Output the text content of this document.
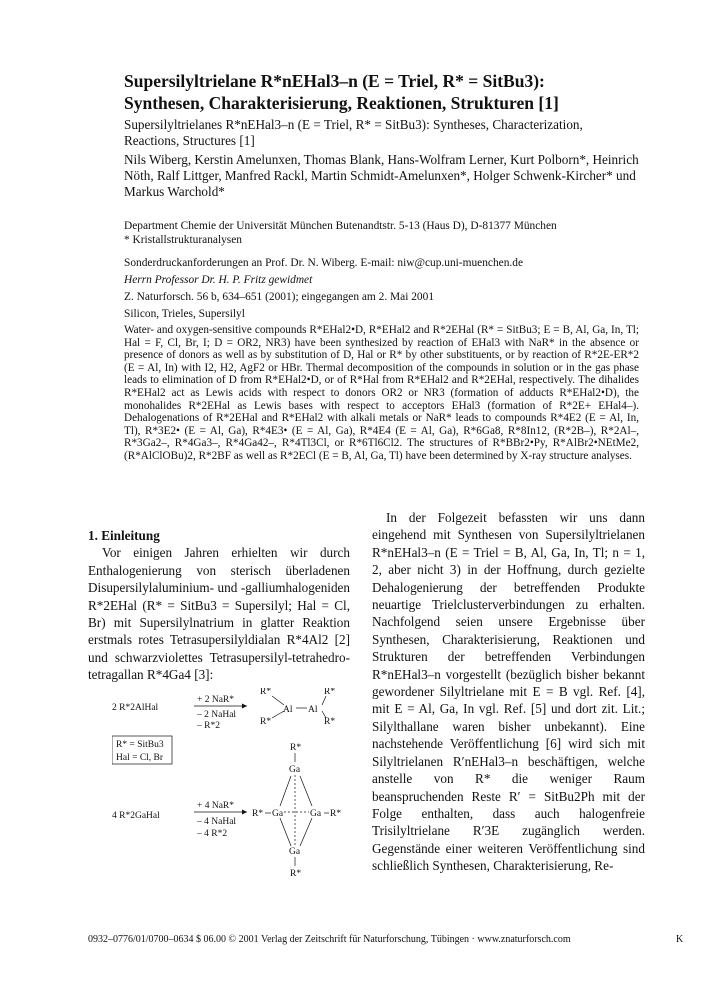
Supersilyltrielane R*nEHal3–n (E = Triel, R* = SitBu3): Synthesen, Charakterisierung, Reaktionen, Strukturen [1]
Supersilyltrielanes R*nEHal3–n (E = Triel, R* = SitBu3): Syntheses, Characterization, Reactions, Structures [1]
Nils Wiberg, Kerstin Amelunxen, Thomas Blank, Hans-Wolfram Lerner, Kurt Polborn*, Heinrich Nöth, Ralf Littger, Manfred Rackl, Martin Schmidt-Amelunxen*, Holger Schwenk-Kircher* und Markus Warchold*
Department Chemie der Universität München Butenandtstr. 5-13 (Haus D), D-81377 München
* Kristallstrukturanalysen
Sonderdruckanforderungen an Prof. Dr. N. Wiberg. E-mail: niw@cup.uni-muenchen.de
Herrn Professor Dr. H. P. Fritz gewidmet
Z. Naturforsch. 56 b, 634–651 (2001); eingegangen am 2. Mai 2001
Silicon, Trieles, Supersilyl
Water- and oxygen-sensitive compounds R*EHal2•D, R*EHal2 and R*2EHal (R* = SitBu3; E = B, Al, Ga, In, Tl; Hal = F, Cl, Br, I; D = OR2, NR3) have been synthesized by reaction of EHal3 with NaR* in the absence or presence of donors as well as by substitution of D, Hal or R* by other substituents, or by reaction of R*2E-ER*2 (E = Al, In) with I2, H2, AgF2 or HBr. Thermal decomposition of the compounds in solution or in the gas phase leads to elimination of D from R*EHal2•D, or of R*Hal from R*EHal2 and R*2EHal, respectively. The dihalides R*EHal2 act as Lewis acids with respect to donors OR2 or NR3 (formation of adducts R*EHal2•D), the monohalides R*2EHal as Lewis bases with respect to acceptors EHal3 (formation of R*2E+ EHal4–). Dehalogenations of R*2EHal and R*EHal2 with alkali metals or NaR* leads to compounds R*4E2 (E = Al, In, Tl), R*3E2• (E = Al, Ga), R*4E3• (E = Al, Ga), R*4E4 (E = Al, Ga), R*6Ga8, R*8In12, (R*2B–), R*2Al–, R*3Ga2–, R*4Ga3–, R*4Ga42–, R*4Tl3Cl, or R*6Tl6Cl2. The structures of R*BBr2•Py, R*AlBr2•NEtMe2, (R*AlClOBu)2, R*2BF as well as R*2ECl (E = B, Al, Ga, Tl) have been determined by X-ray structure analyses.
1. Einleitung
Vor einigen Jahren erhielten wir durch Enthalogenierung von sterisch überladenen Disupersilylaluminium- und -galliumhalogeniden R*2EHal (R* = SitBu3 = Supersilyl; Hal = Cl, Br) mit Supersilylnatrium in glatter Reaktion erstmals rotes Tetrasupersilyldialan R*4Al2 [2] und schwarzviolettes Tetrasupersilyl-tetrahedro-tetragallan R*4Ga4 [3]:
2 R*2AlHal
+ 2 NaR*
– 2 NaHal
– R*2
R*	R*
R*	R*
Al Al
R* = SitBu3
Hal = Cl, Br
R*
Ga
4 R*2GaHal
+ 4 NaR*
– 4 NaHal
– 4 R*2
R* Ga	Ga R*
Ga
R*
In der Folgezeit befassten wir uns dann eingehend mit Synthesen von Supersilyltrielanen R*nEHal3–n (E = Triel = B, Al, Ga, In, Tl; n = 1, 2, aber nicht 3) in der Hoffnung, durch gezielte Dehalogenierung der betreffenden Produkte neuartige Trielclusterverbindungen zu erhalten. Nachfolgend seien unsere Ergebnisse über Synthesen, Charakterisierung, Reaktionen und Strukturen der betreffenden Verbindungen R*nEHal3–n vorgestellt (bezüglich bisher bekannt gewordener Silyltrielane mit E = B vgl. Ref. [4], mit E = Al, Ga, In vgl. Ref. [5] und dort zit. Lit.; Silylthallane waren bisher unbekannt). Eine nachstehende Veröffentlichung [6] wird sich mit Silyltrielanen R′nEHal3–n beschäftigen, welche anstelle von R* die weniger Raum beanspruchenden Reste R′ = SitBu2Ph mit der Folge enthalten, dass auch halogenfreie Trisilyltrielane R′3E zugänglich werden. Gegenstände einer weiteren Veröffentlichung sind schließlich Synthesen, Charakterisierung, Re-
0932–0776/01/0700–0634 $ 06.00 © 2001 Verlag der Zeitschrift für Naturforschung, Tübingen · www.znaturforsch.com	K
